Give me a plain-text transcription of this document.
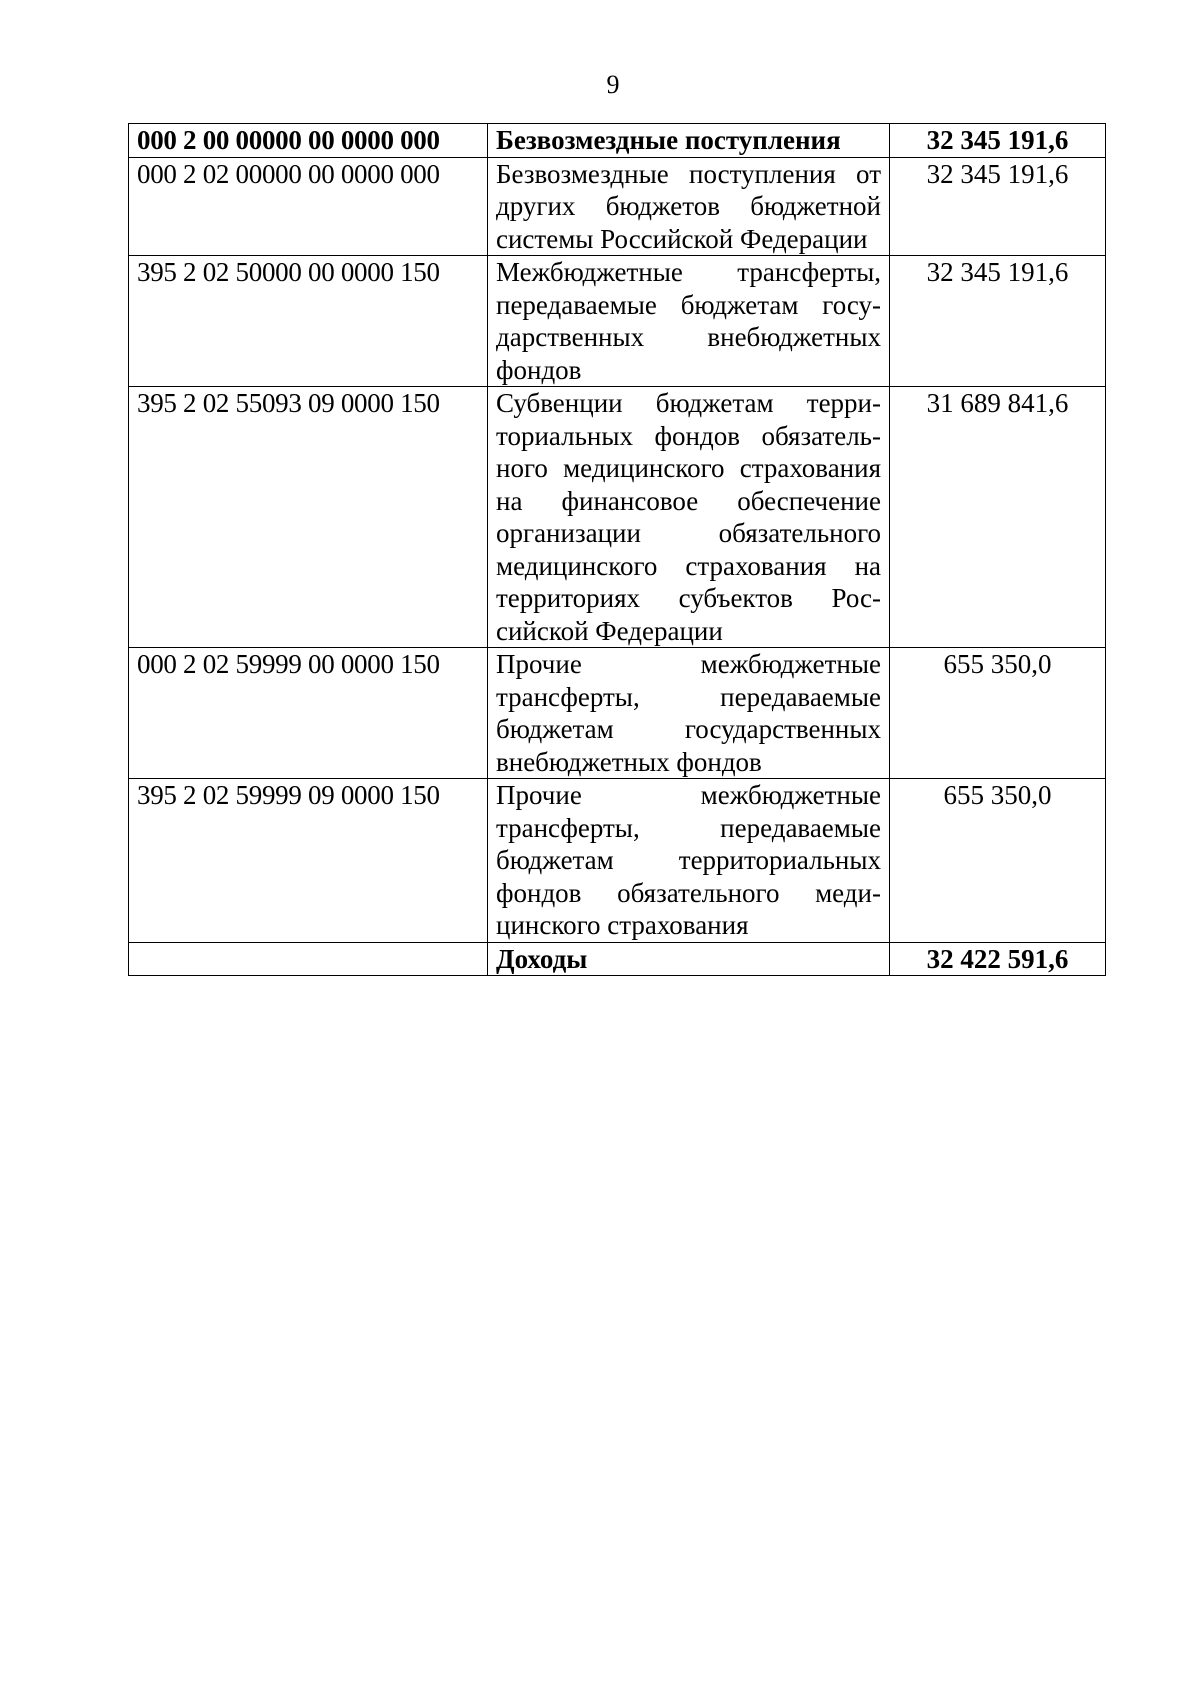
9
000 2 00 00000 00 0000 000	Безвозмездные поступления	32 345 191,6
000 2 02 00000 00 0000 000	Безвозмездные поступления от других бюджетов бюджетной системы Российской Федерации	32 345 191,6
395 2 02 50000 00 0000 150	Межбюджетные трансферты, передаваемые бюджетам государственных внебюджетных фондов	32 345 191,6
395 2 02 55093 09 0000 150	Субвенции бюджетам территориальных фондов обязательного медицинского страхования на финансовое обеспечение организации обязательного медицинского страхования на территориях субъектов Российской Федерации	31 689 841,6
000 2 02 59999 00 0000 150	Прочие межбюджетные трансферты, передаваемые бюджетам государственных внебюджетных фондов	655 350,0
395 2 02 59999 09 0000 150	Прочие межбюджетные трансферты, передаваемые бюджетам территориальных фондов обязательного медицинского страхования	655 350,0
	Доходы	32 422 591,6
